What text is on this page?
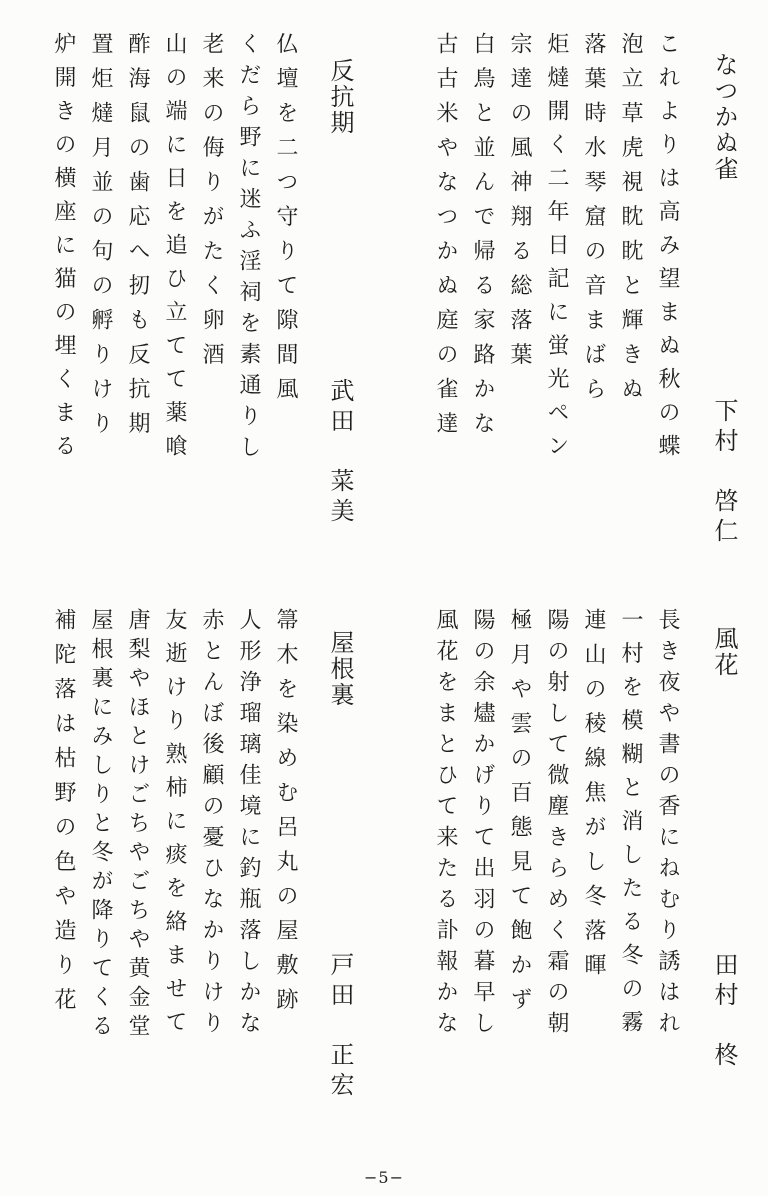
なつかぬ雀
下村　啓仁
これよりは高み望まぬ秋の蝶
泡立草虎視眈眈と輝きぬ
落葉時水琴窟の音まばら
炬燵開く二年日記に蛍光ペン
宗達の風神翔る総落葉
白鳥と並んで帰る家路かな
古古米やなつかぬ庭の雀達
反抗期
武田　菜美
仏壇を二つ守りて隙間風
くだら野に迷ふ淫祠を素通りし
老来の侮りがたく卵酒
山の端に日を追ひ立てて薬喰
酢海鼠の歯応へ扨も反抗期
置炬燵月並の句の孵りけり
炉開きの横座に猫の埋くまる
風花
田村　柊
長き夜や書の香にねむり誘はれ
一村を模糊と消したる冬の霧
連山の稜線焦がし冬落暉
陽の射して微塵きらめく霜の朝
極月や雲の百態見て飽かず
陽の余燼かげりて出羽の暮早し
風花をまとひて来たる訃報かな
屋根裏
戸田　正宏
箒木を染めむ呂丸の屋敷跡
人形浄瑠璃佳境に釣瓶落しかな
赤とんぼ後顧の憂ひなかりけり
友逝けり熟柿に痰を絡ませて
唐梨やほとけごちやごちや黄金堂
屋根裏にみしりと冬が降りてくる
補陀落は枯野の色や造り花
−5−
